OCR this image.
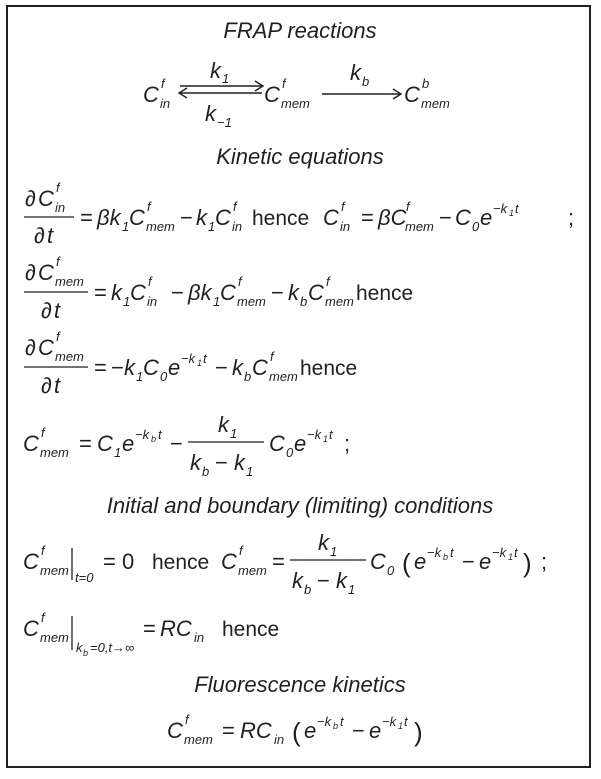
FRAP reactions
C f
in
k 1
k −1
C f
mem
k b
C b
mem
Kinetic equations
∂ C f
in
∂ t
= βk 1 C f
mem − k 1 C f
in hence C f
in = βC f
mem − C 0 e −k 1 t ;
∂ C f
mem
∂ t
= k 1 C f
in − βk 1 C f
mem − k b C f
mem hence
∂ C f
mem
∂ t
= − k 1 C 0 e −k 1 t − k b C f
mem hence
C f
mem = C 1 e −k b t −
k 1
k b − k 1
C 0 e −k 1 t ;
Initial and boundary (limiting) conditions
C f
mem t=0
= 0 hence C f
mem =
k 1
k b − k 1
C 0 ( e −k b t − e −k 1 t ) ;
C f
mem
k b =0,t→∞
= RC in hence
Fluorescence kinetics
C f
mem = RC in ( e −k b t − e −k 1 t )
